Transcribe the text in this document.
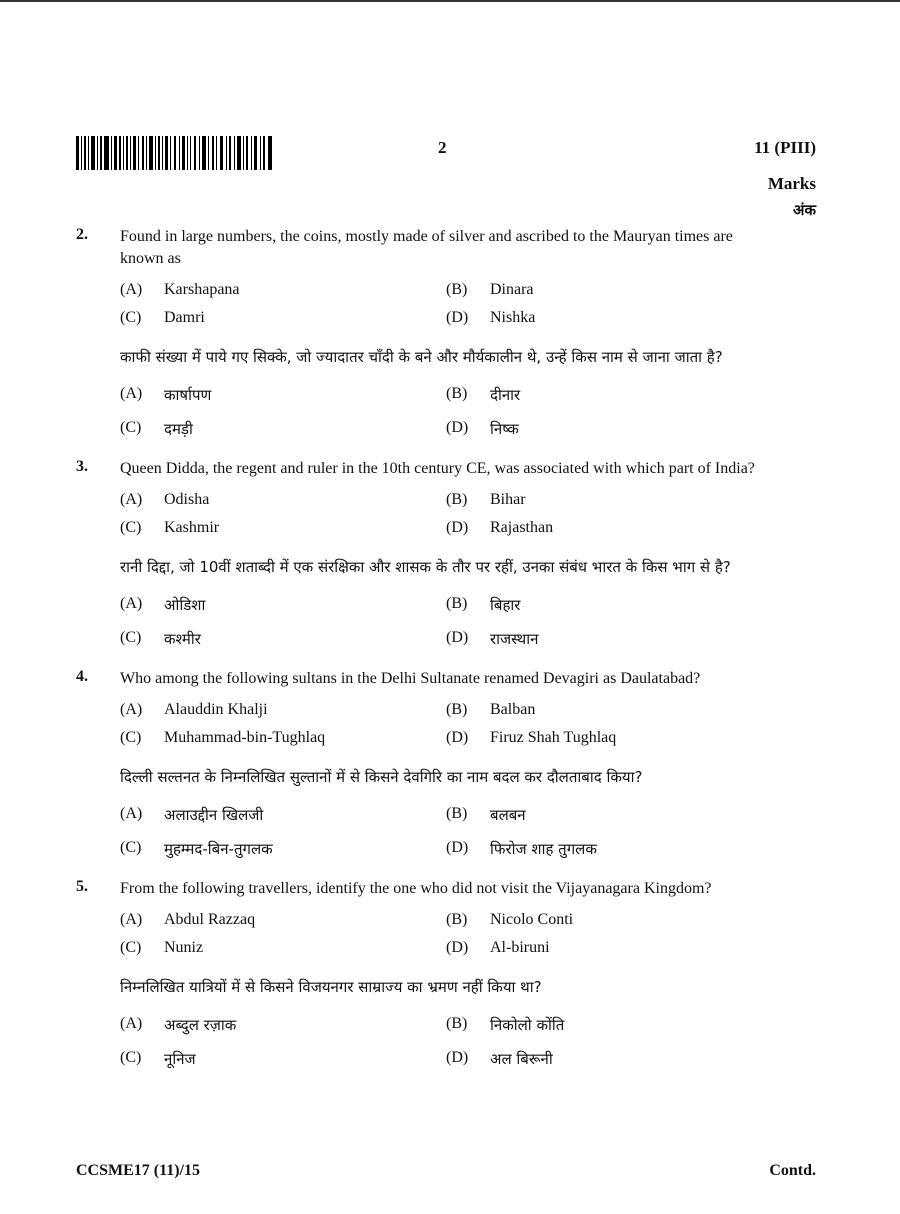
2	11 (PIII)
Marks
अंक
2. Found in large numbers, the coins, mostly made of silver and ascribed to the Mauryan times are known as
(A)	Karshapana	(B)	Dinara
(C)	Damri	(D)	Nishka
काफी संख्या में पाये गए सिक्के, जो ज्यादातर चाँदी के बने और मौर्यकालीन थे, उन्हें किस नाम से जाना जाता है?
(A)	कार्षापण	(B)	दीनार
(C)	दमड़ी	(D)	निष्क
3. Queen Didda, the regent and ruler in the 10th century CE, was associated with which part of India?
(A)	Odisha	(B)	Bihar
(C)	Kashmir	(D)	Rajasthan
रानी दिद्दा, जो 10वीं शताब्दी में एक संरक्षिका और शासक के तौर पर रहीं, उनका संबंध भारत के किस भाग से है?
(A)	ओडिशा	(B)	बिहार
(C)	कश्मीर	(D)	राजस्थान
4. Who among the following sultans in the Delhi Sultanate renamed Devagiri as Daulatabad?
(A)	Alauddin Khalji	(B)	Balban
(C)	Muhammad-bin-Tughlaq	(D)	Firuz Shah Tughlaq
दिल्ली सल्तनत के निम्नलिखित सुल्तानों में से किसने देवगिरि का नाम बदल कर दौलताबाद किया?
(A)	अलाउद्दीन खिलजी	(B)	बलबन
(C)	मुहम्मद-बिन-तुगलक	(D)	फिरोज शाह तुगलक
5. From the following travellers, identify the one who did not visit the Vijayanagara Kingdom?
(A)	Abdul Razzaq	(B)	Nicolo Conti
(C)	Nuniz	(D)	Al-biruni
निम्नलिखित यात्रियों में से किसने विजयनगर साम्राज्य का भ्रमण नहीं किया था?
(A)	अब्दुल रज़ाक	(B)	निकोलो कोंति
(C)	नूनिज	(D)	अल बिरूनी
CCSME17 (11)/15	Contd.
